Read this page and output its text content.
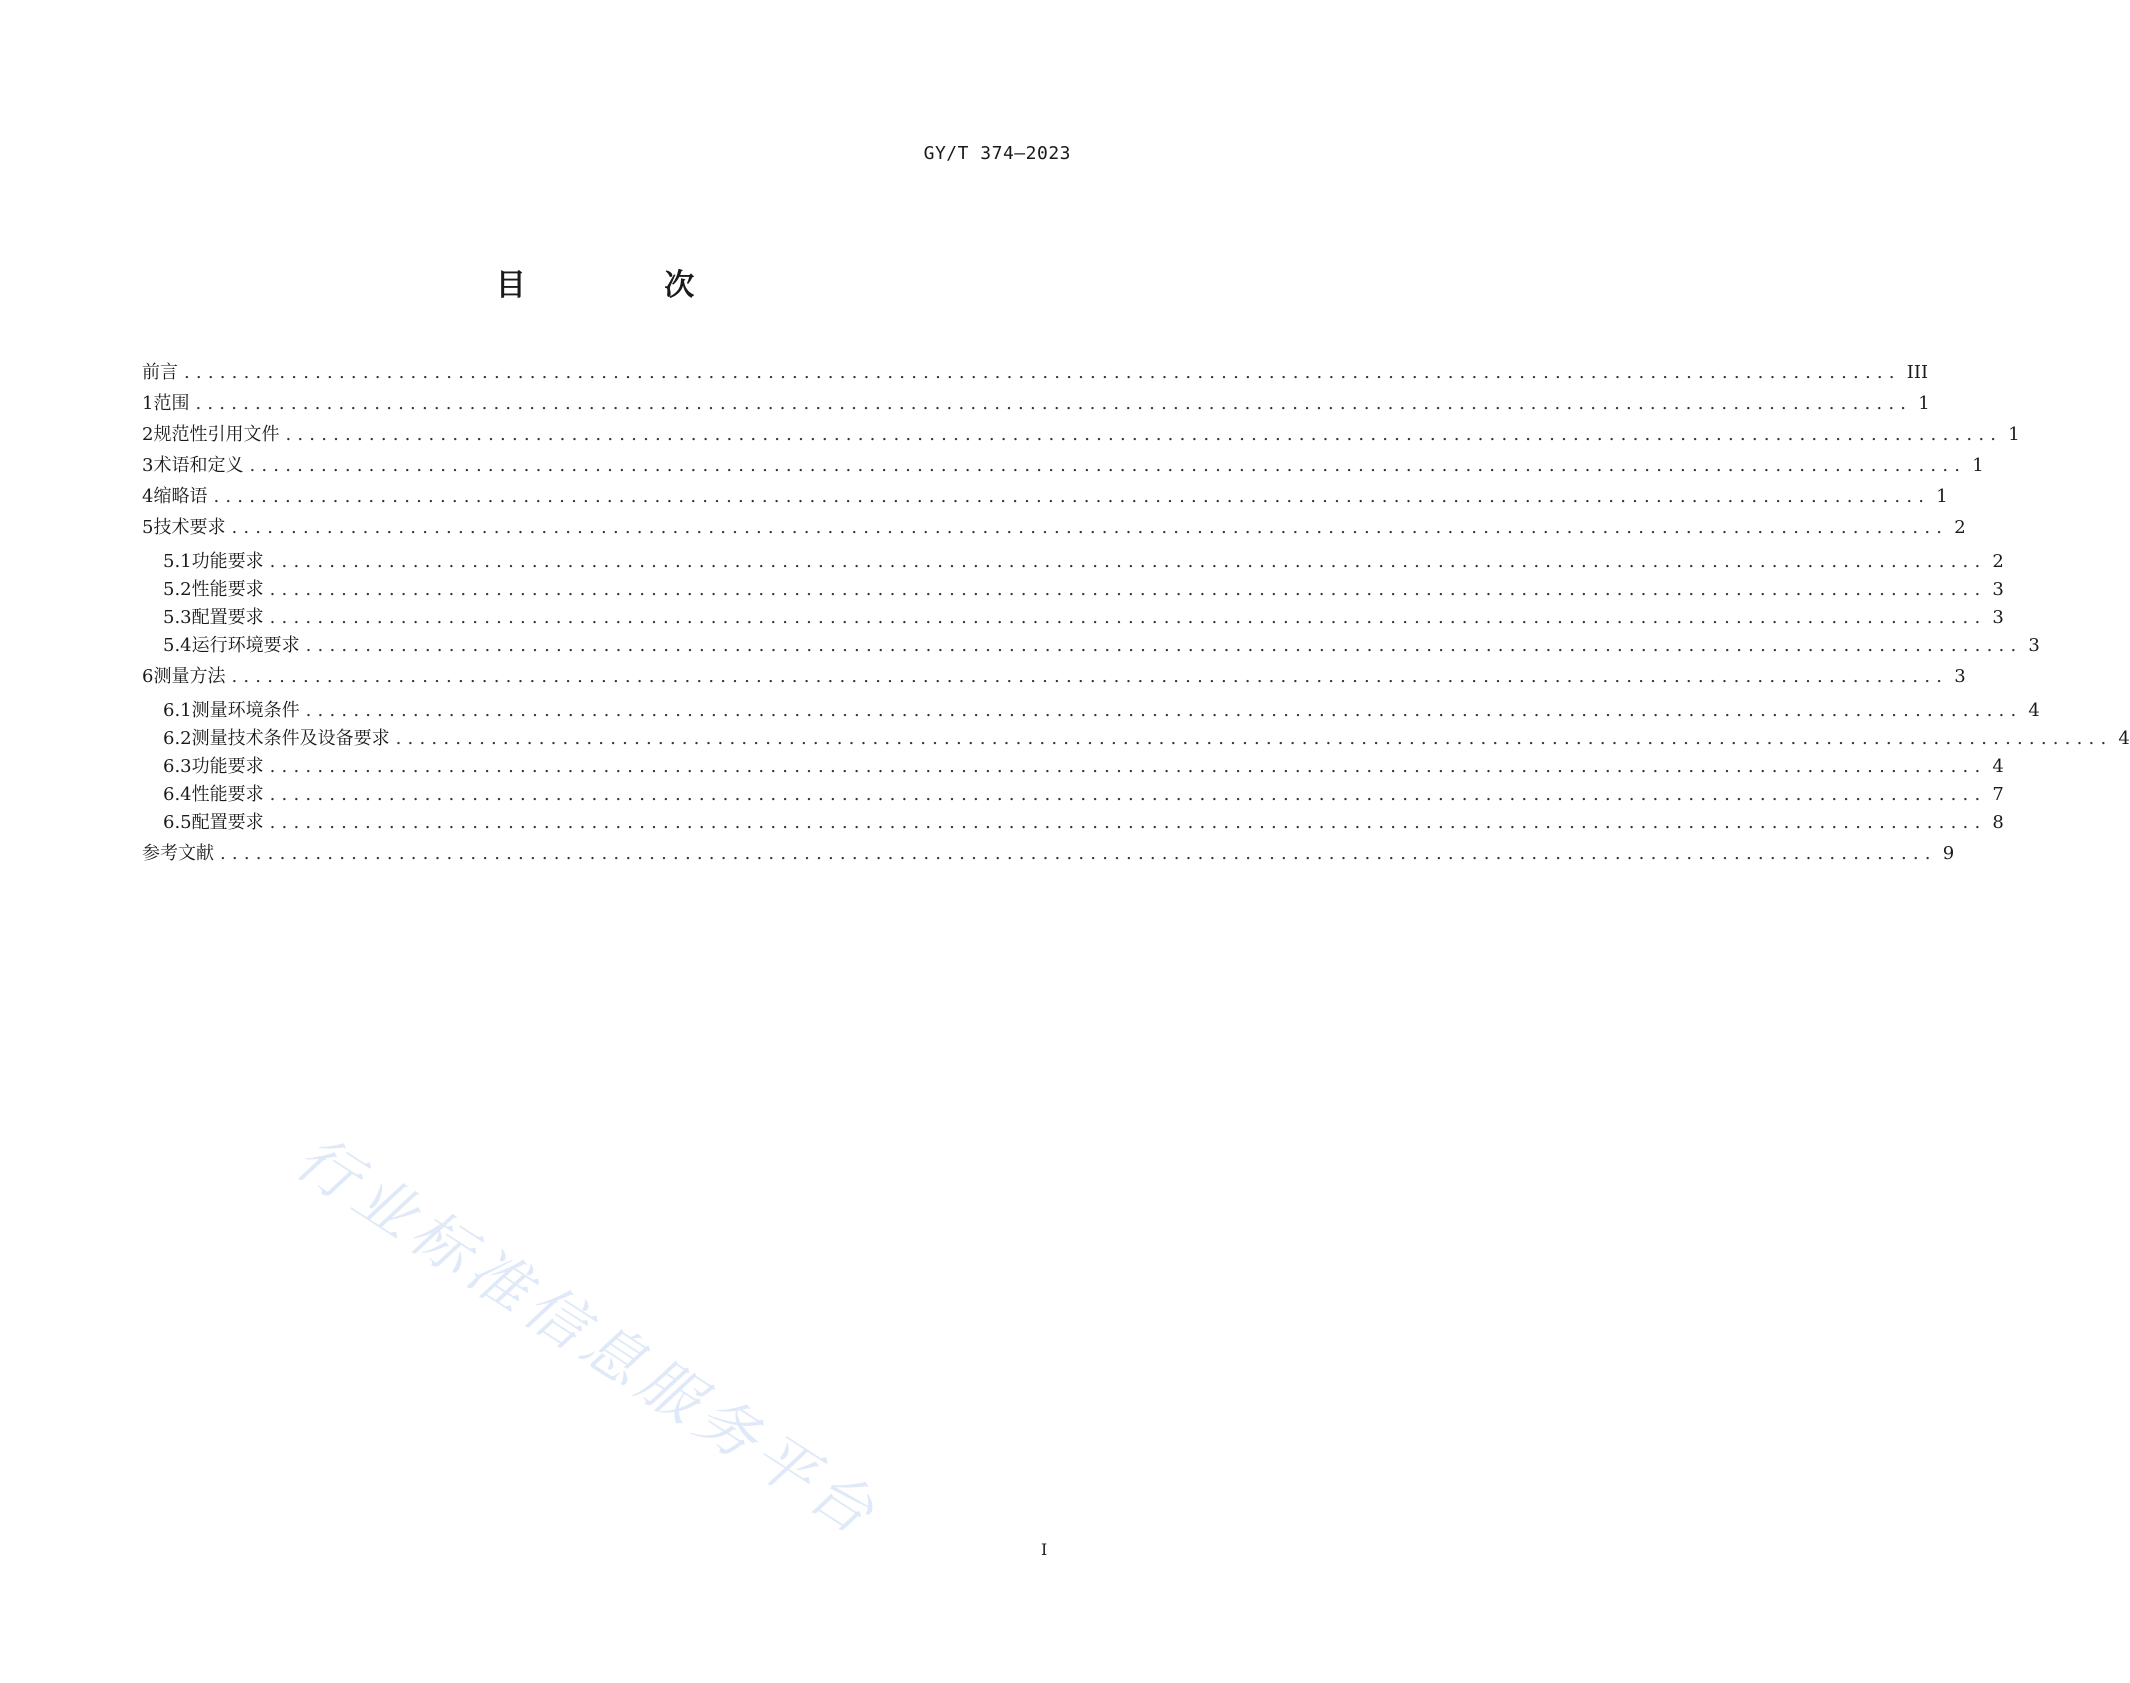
GY/T 374—2023
目 次
前言 ................................................................................................................................................ III
1 范围 ................................................................................................................................................ 1
2 规范性引用文件 ................................................................................................................................................ 1
3 术语和定义 ................................................................................................................................................ 1
4 缩略语 ................................................................................................................................................ 1
5 技术要求 ................................................................................................................................................ 2
5.1 功能要求 ................................................................................................................................................ 2
5.2 性能要求 ................................................................................................................................................ 3
5.3 配置要求 ................................................................................................................................................ 3
5.4 运行环境要求 ................................................................................................................................................ 3
6 测量方法 ................................................................................................................................................ 3
6.1 测量环境条件 ................................................................................................................................................ 4
6.2 测量技术条件及设备要求 ................................................................................................................................................ 4
6.3 功能要求 ................................................................................................................................................ 4
6.4 性能要求 ................................................................................................................................................ 7
6.5 配置要求 ................................................................................................................................................ 8
参考文献 ................................................................................................................................................ 9
行业标准信息服务平台	I
